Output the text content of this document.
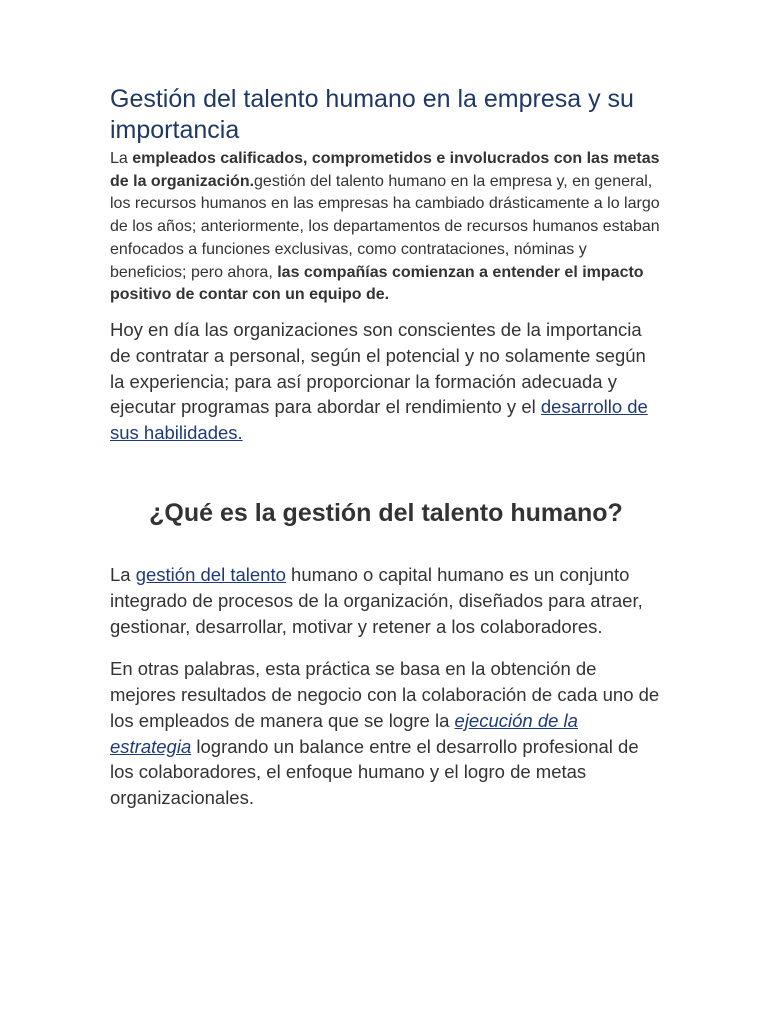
Gestión del talento humano en la empresa y su importancia

La empleados calificados, comprometidos e involucrados con las metas de la organización.gestión del talento humano en la empresa y, en general, los recursos humanos en las empresas ha cambiado drásticamente a lo largo de los años; anteriormente, los departamentos de recursos humanos estaban enfocados a funciones exclusivas, como contrataciones, nóminas y beneficios; pero ahora, las compañías comienzan a entender el impacto positivo de contar con un equipo de.

Hoy en día las organizaciones son conscientes de la importancia de contratar a personal, según el potencial y no solamente según la experiencia; para así proporcionar la formación adecuada y ejecutar programas para abordar el rendimiento y el desarrollo de sus habilidades.

¿Qué es la gestión del talento humano?

La gestión del talento humano o capital humano es un conjunto integrado de procesos de la organización, diseñados para atraer, gestionar, desarrollar, motivar y retener a los colaboradores.

En otras palabras, esta práctica se basa en la obtención de mejores resultados de negocio con la colaboración de cada uno de los empleados de manera que se logre la ejecución de la estrategia logrando un balance entre el desarrollo profesional de los colaboradores, el enfoque humano y el logro de metas organizacionales.
